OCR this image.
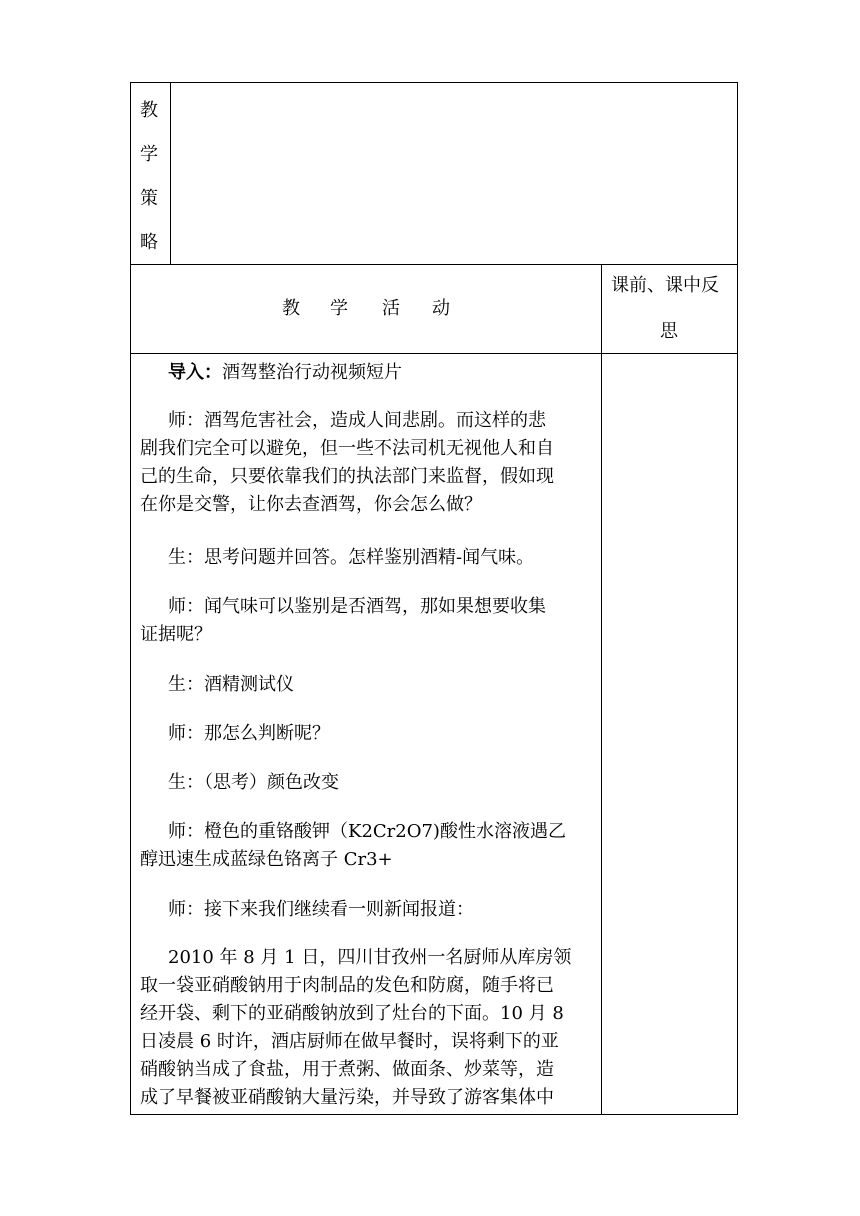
教
学
策
略
教 学 活 动
课前、课中反
思
导入：酒驾整治行动视频短片
师：酒驾危害社会，造成人间悲剧。而这样的悲
剧我们完全可以避免，但一些不法司机无视他人和自
己的生命，只要依靠我们的执法部门来监督，假如现
在你是交警，让你去查酒驾，你会怎么做？
生：思考问题并回答。怎样鉴别酒精-闻气味。
师：闻气味可以鉴别是否酒驾，那如果想要收集
证据呢？
生：酒精测试仪
师：那怎么判断呢？
生：（思考）颜色改变
师：橙色的重铬酸钾（K2Cr2O7)酸性水溶液遇乙
醇迅速生成蓝绿色铬离子 Cr3+
师：接下来我们继续看一则新闻报道：
2010 年 8 月 1 日，四川甘孜州一名厨师从库房领
取一袋亚硝酸钠用于肉制品的发色和防腐，随手将已
经开袋、剩下的亚硝酸钠放到了灶台的下面。10 月 8
日凌晨 6 时许，酒店厨师在做早餐时，误将剩下的亚
硝酸钠当成了食盐，用于煮粥、做面条、炒菜等，造
成了早餐被亚硝酸钠大量污染，并导致了游客集体中
